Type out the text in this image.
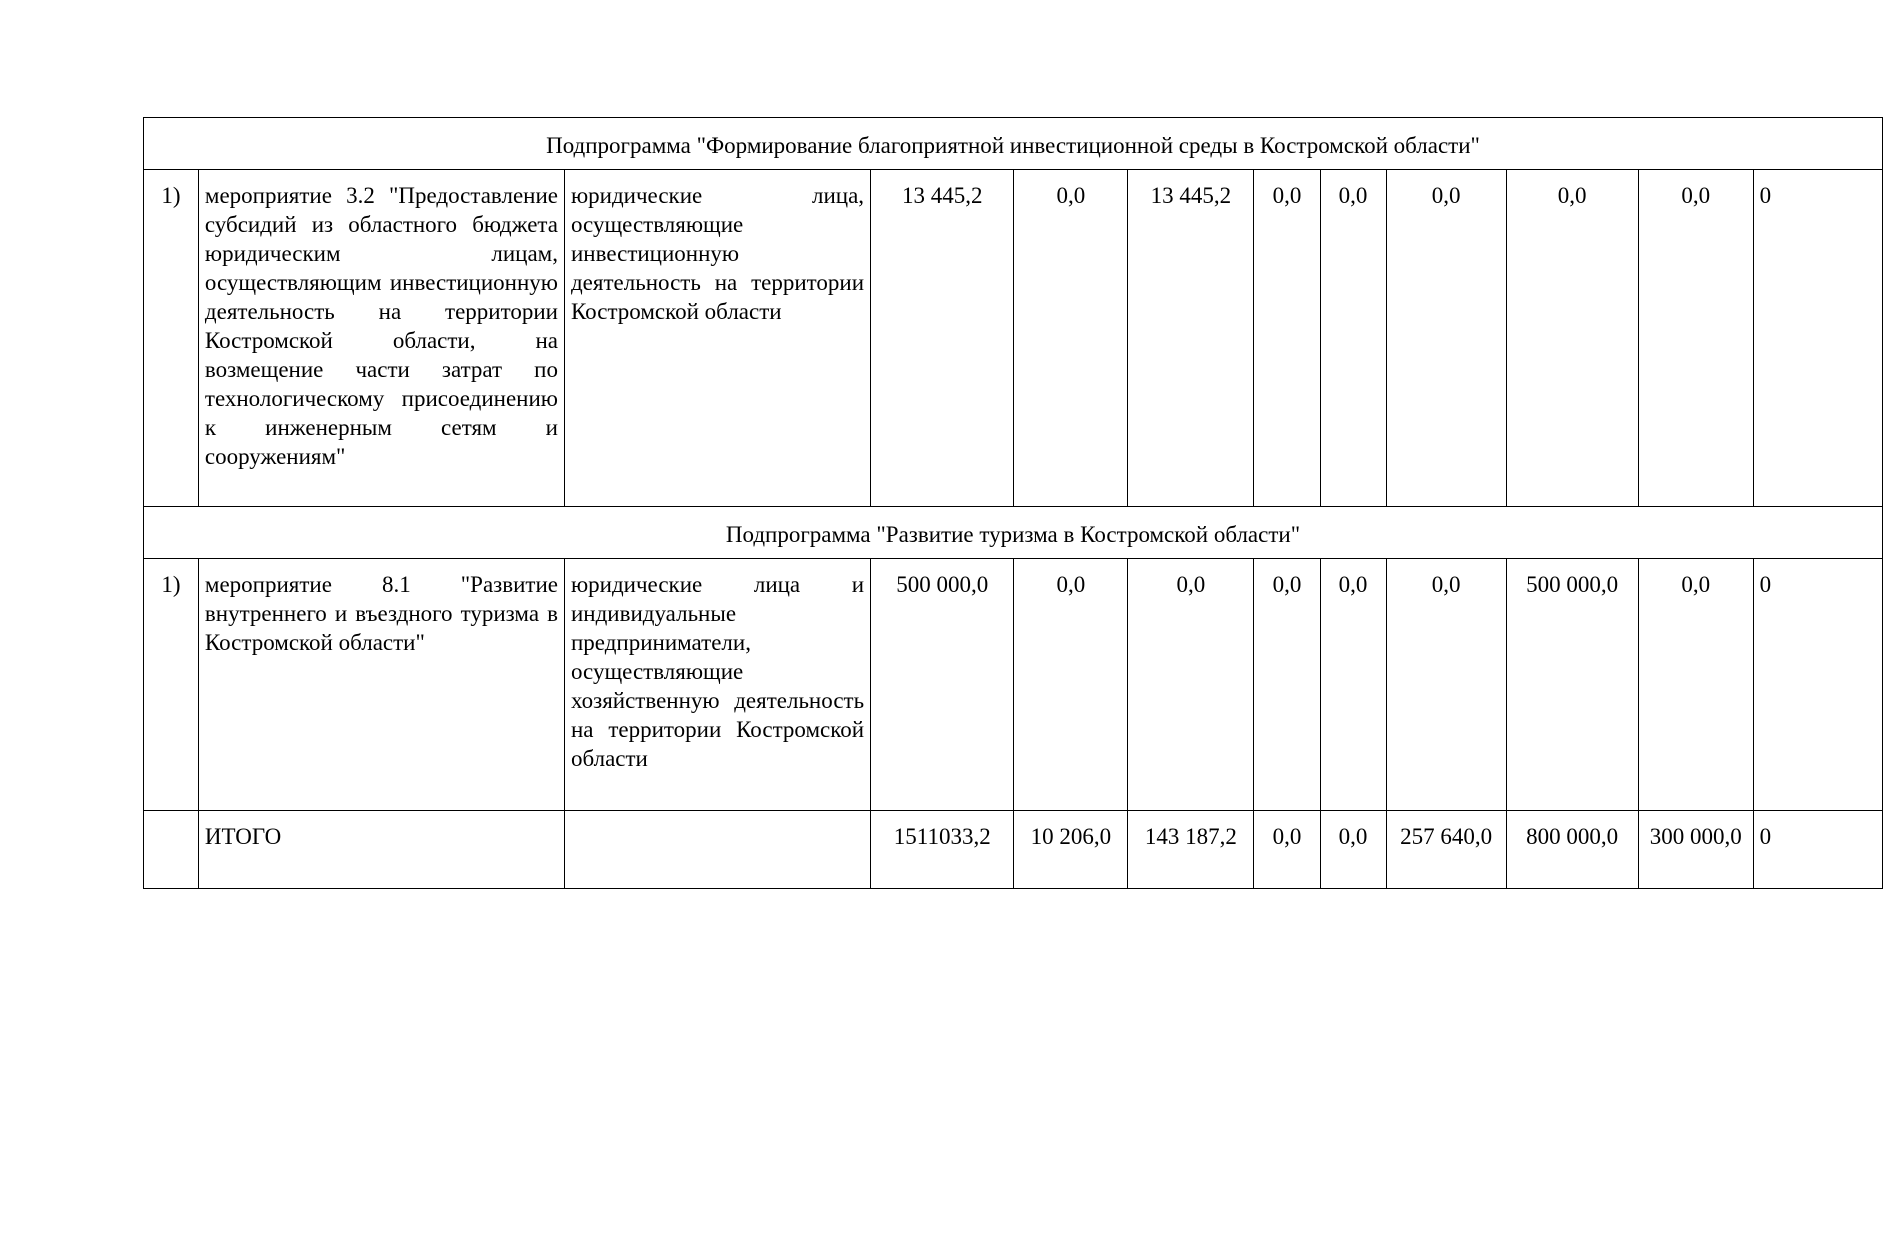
Подпрограмма "Формирование благоприятной инвестиционной среды в Костромской области"											
1)	мероприятие 3.2 "Предоставление субсидий из областного бюджета юридическим лицам, осуществляющим инвестиционную деятельность на территории Костромской области, на возмещение части затрат по технологическому присоединению к инженерным сетям и сооружениям"	юридические лица, осуществляющие инвестиционную деятельность на территории Костромской области	13 445,2	0,0	13 445,2	0,0	0,0	0,0	0,0	0,0	0
Подпрограмма "Развитие туризма в Костромской области"											
1)	мероприятие 8.1 "Развитие внутреннего и въездного туризма в Костромской области"	юридические лица и индивидуальные предприниматели, осуществляющие хозяйственную деятельность на территории Костромской области	500 000,0	0,0	0,0	0,0	0,0	0,0	500 000,0	0,0	0
	ИТОГО		1511033,2	10 206,0	143 187,2	0,0	0,0	257 640,0	800 000,0	300 000,0	0
